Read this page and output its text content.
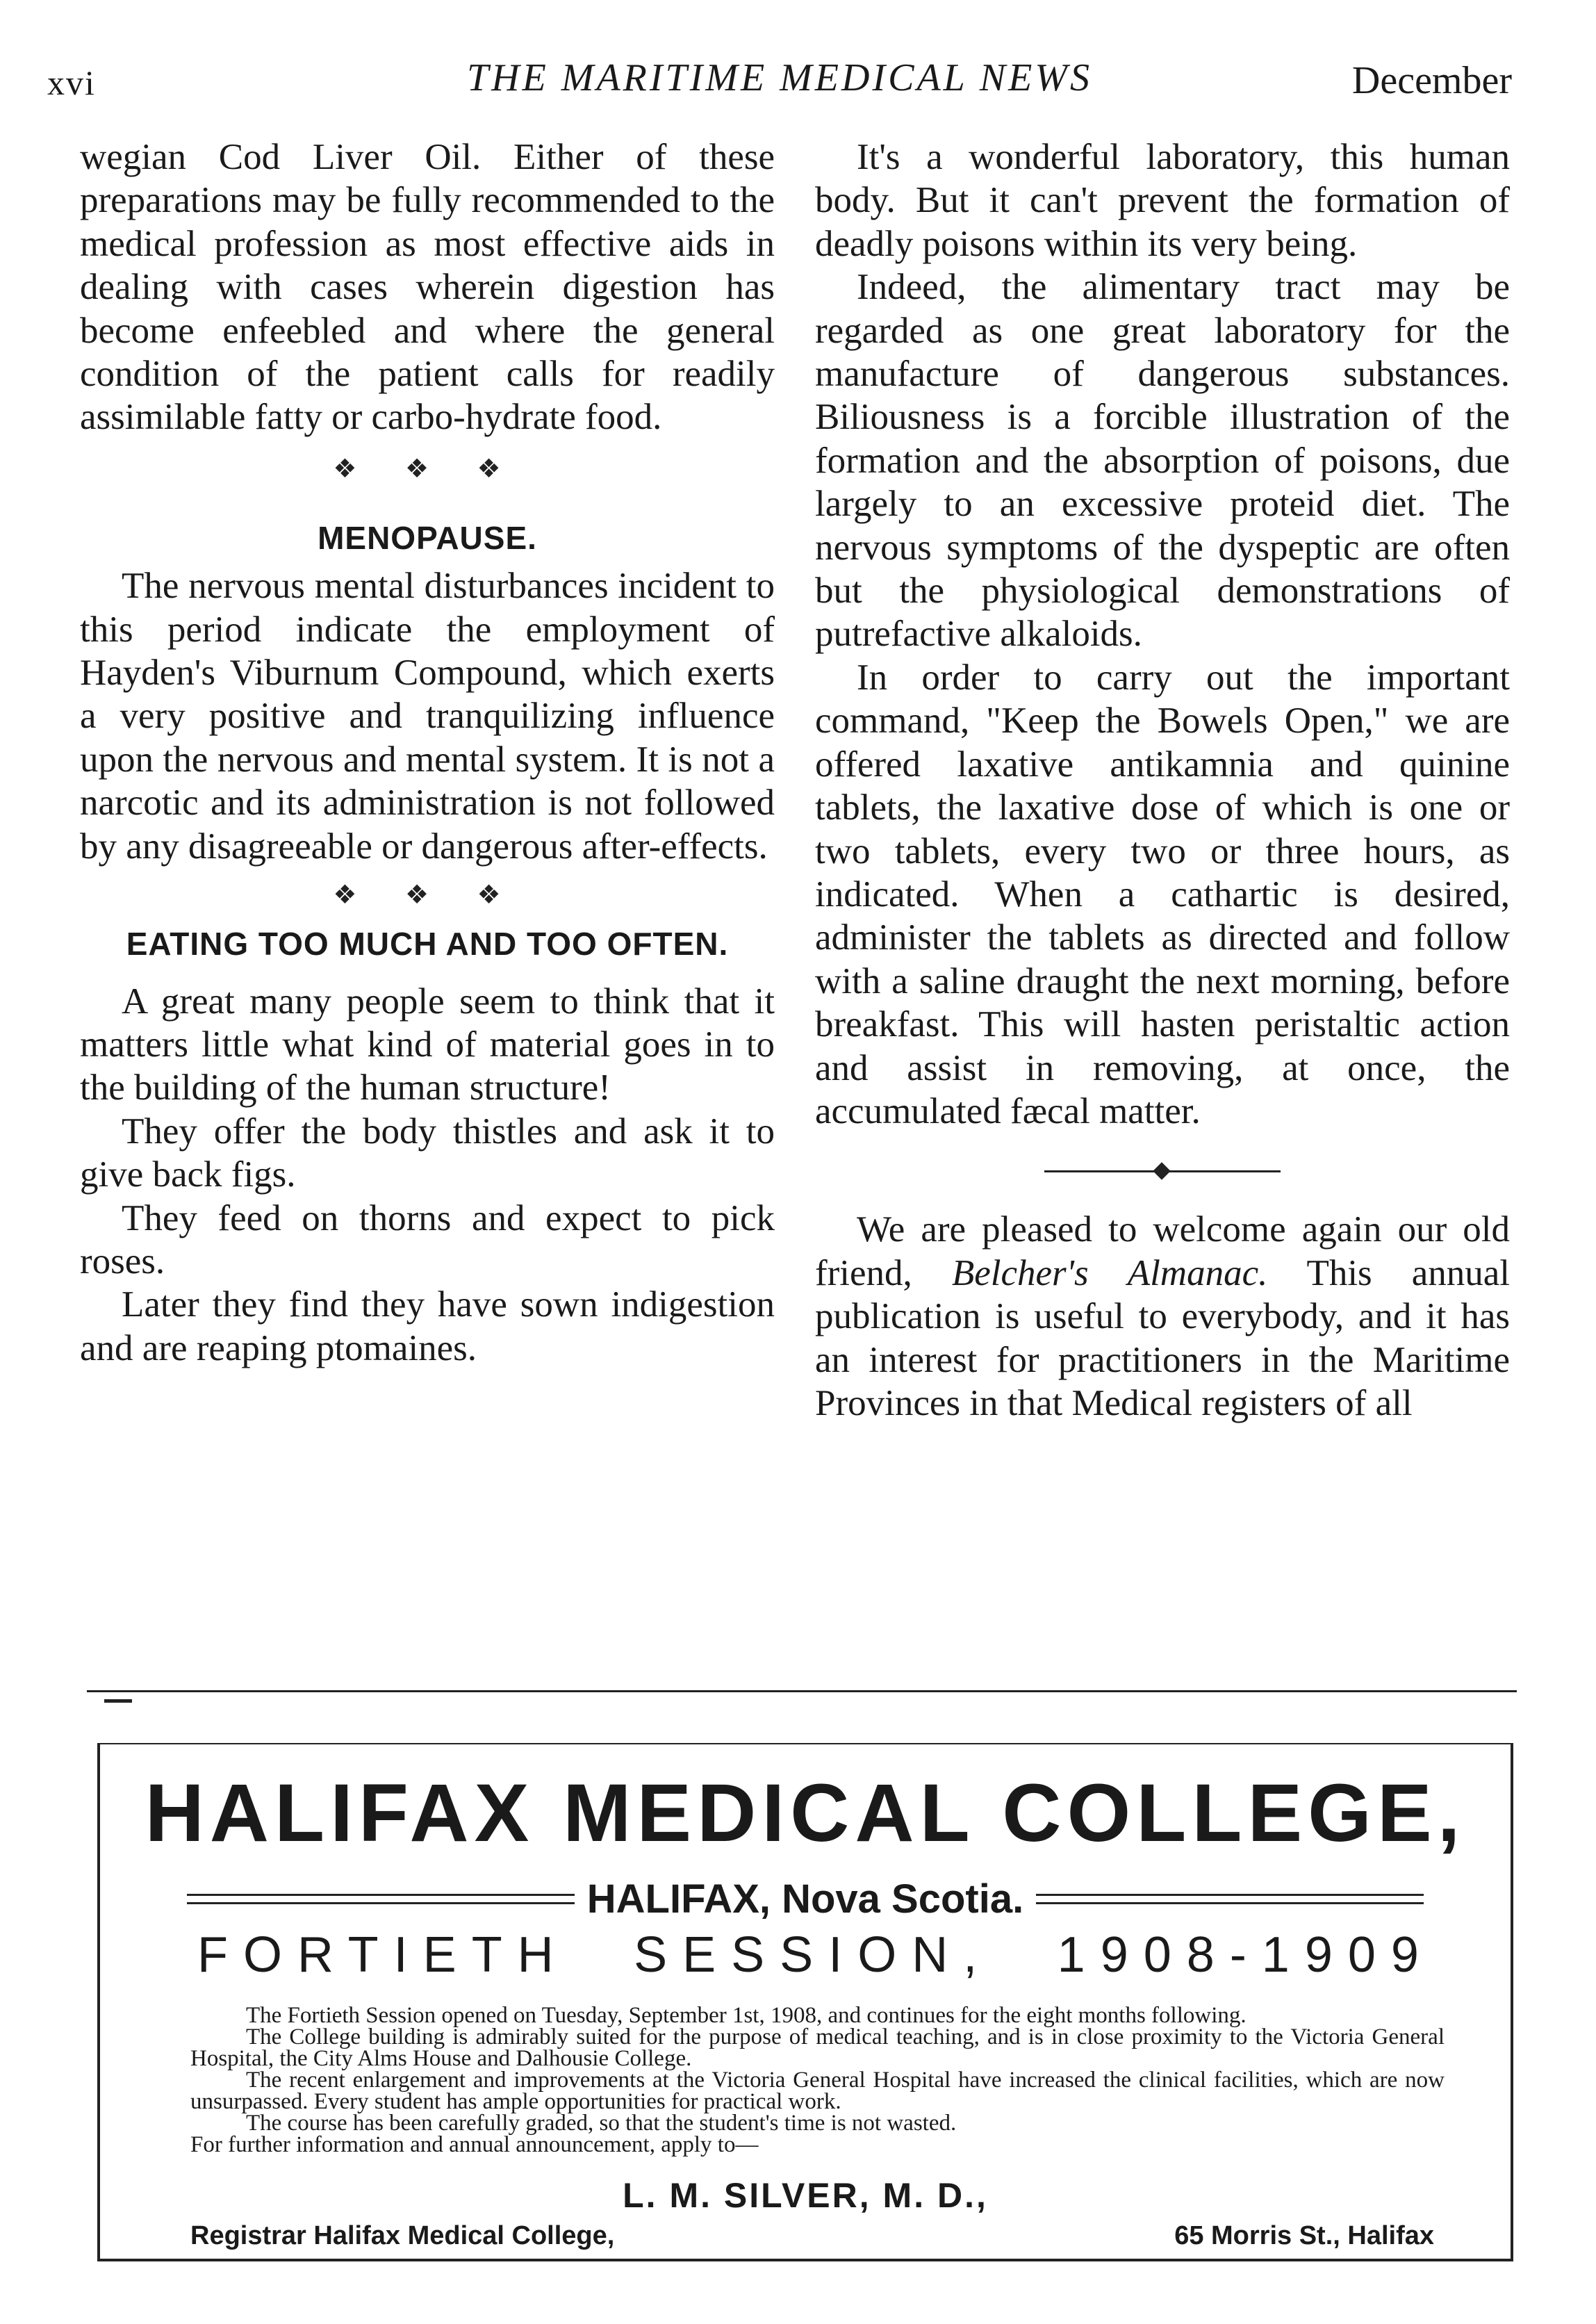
xvi	THE MARITIME MEDICAL NEWS	December

wegian Cod Liver Oil. Either of these preparations may be fully recommended to the medical profession as most effective aids in dealing with cases wherein digestion has become enfeebled and where the general condition of the patient calls for readily assimilable fatty or carbo-hydrate food.

❖ ❖ ❖
MENOPAUSE.

The nervous mental disturbances incident to this period indicate the employment of Hayden's Viburnum Compound, which exerts a very positive and tranquilizing influence upon the nervous and mental system. It is not a narcotic and its administration is not followed by any disagreeable or dangerous after-effects.

❖ ❖ ❖
EATING TOO MUCH AND TOO OFTEN.

A great many people seem to think that it matters little what kind of material goes in to the building of the human structure!

They offer the body thistles and ask it to give back figs.

They feed on thorns and expect to pick roses.

Later they find they have sown indigestion and are reaping ptomaines.

It's a wonderful laboratory, this human body. But it can't prevent the formation of deadly poisons within its very being.

Indeed, the alimentary tract may be regarded as one great laboratory for the manufacture of dangerous substances. Biliousness is a forcible illustration of the formation and the absorption of poisons, due largely to an excessive proteid diet. The nervous symptoms of the dyspeptic are often but the physiological demonstrations of putrefactive alkaloids.

In order to carry out the important command, "Keep the Bowels Open," we are offered laxative antikamnia and quinine tablets, the laxative dose of which is one or two tablets, every two or three hours, as indicated. When a cathartic is desired, administer the tablets as directed and follow with a saline draught the next morning, before breakfast. This will hasten peristaltic action and assist in removing, at once, the accumulated fæcal matter.

We are pleased to welcome again our old friend, Belcher's Almanac. This annual publication is useful to everybody, and it has an interest for practitioners in the Maritime Provinces in that Medical registers of all

HALIFAX MEDICAL COLLEGE,
HALIFAX, Nova Scotia.
FORTIETH SESSION, 1908-1909

The Fortieth Session opened on Tuesday, September 1st, 1908, and continues for the eight months following.

The College building is admirably suited for the purpose of medical teaching, and is in close proximity to the Victoria General Hospital, the City Alms House and Dalhousie College.

The recent enlargement and improvements at the Victoria General Hospital have increased the clinical facilities, which are now unsurpassed. Every student has ample opportunities for practical work.

The course has been carefully graded, so that the student's time is not wasted.

For further information and annual announcement, apply to—

L. M. SILVER, M. D.,
Registrar Halifax Medical College,	65 Morris St., Halifax
